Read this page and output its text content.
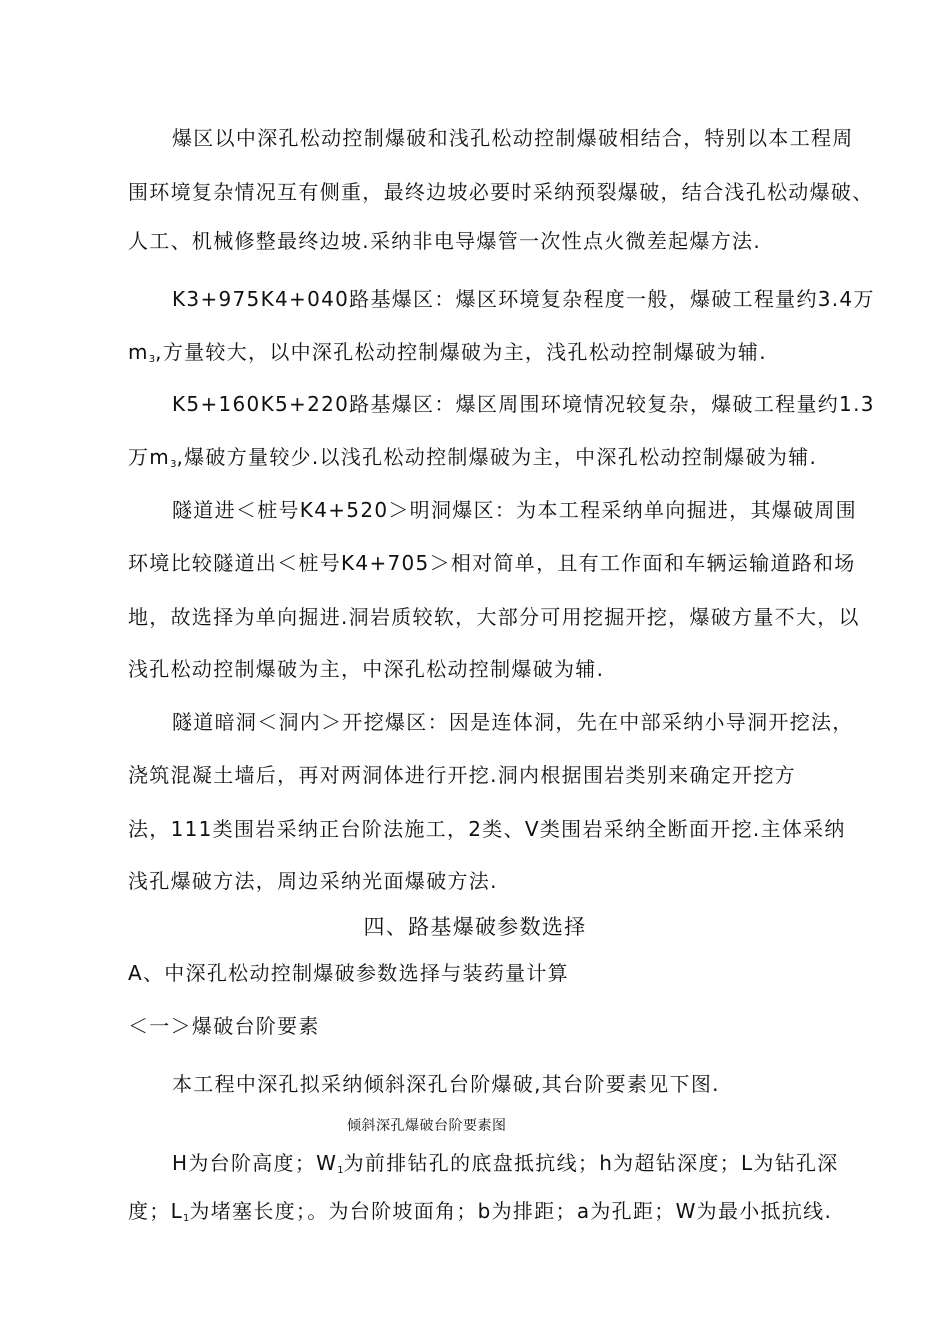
爆区以中深孔松动控制爆破和浅孔松动控制爆破相结合，特别以本工程周
围环境复杂情况互有侧重，最终边坡必要时采纳预裂爆破，结合浅孔松动爆破、
人工、机械修整最终边坡.采纳非电导爆管一次性点火微差起爆方法.
K3+975K4+040路基爆区：爆区环境复杂程度一般，爆破工程量约 3.4 万
$m_3$,方量较大，以中深孔松动控制爆破为主，浅孔松动控制爆破为辅.
K5+160K5+220路基爆区：爆区周围环境情况较复杂，爆破工程量约 1.3
万$m_3$,爆破方量较少.以浅孔松动控制爆破为主，中深孔松动控制爆破为辅.
隧道进＜桩号K4+520＞明洞爆区：为本工程采纳单向掘进，其爆破周围
环境比较隧道出＜桩号K4+705＞相对简单，且有工作面和车辆运输道路和场
地，故选择为单向掘进.洞岩质较软，大部分可用挖掘开挖，爆破方量不大，以
浅孔松动控制爆破为主，中深孔松动控制爆破为辅.
隧道暗洞＜洞内＞开挖爆区：因是连体洞，先在中部采纳小导洞开挖法，
浇筑混凝土墙后，再对两洞体进行开挖.洞内根据围岩类别来确定开挖方
法，111类围岩采纳正台阶法施工，2类、V类围岩采纳全断面开挖.主体采纳
浅孔爆破方法，周边采纳光面爆破方法.
四、路基爆破参数选择
A、中深孔松动控制爆破参数选择与装药量计算
＜一＞爆破台阶要素
本工程中深孔拟采纳倾斜深孔台阶爆破,其台阶要素见下图.
倾斜深孔爆破台阶要素图
H为台阶高度；$W_1$为前排钻孔的底盘抵抗线；h为超钻深度；L为钻孔深
度；$L_1$为堵塞长度；。为台阶坡面角；b为排距；a为孔距；W为最小抵抗线.
